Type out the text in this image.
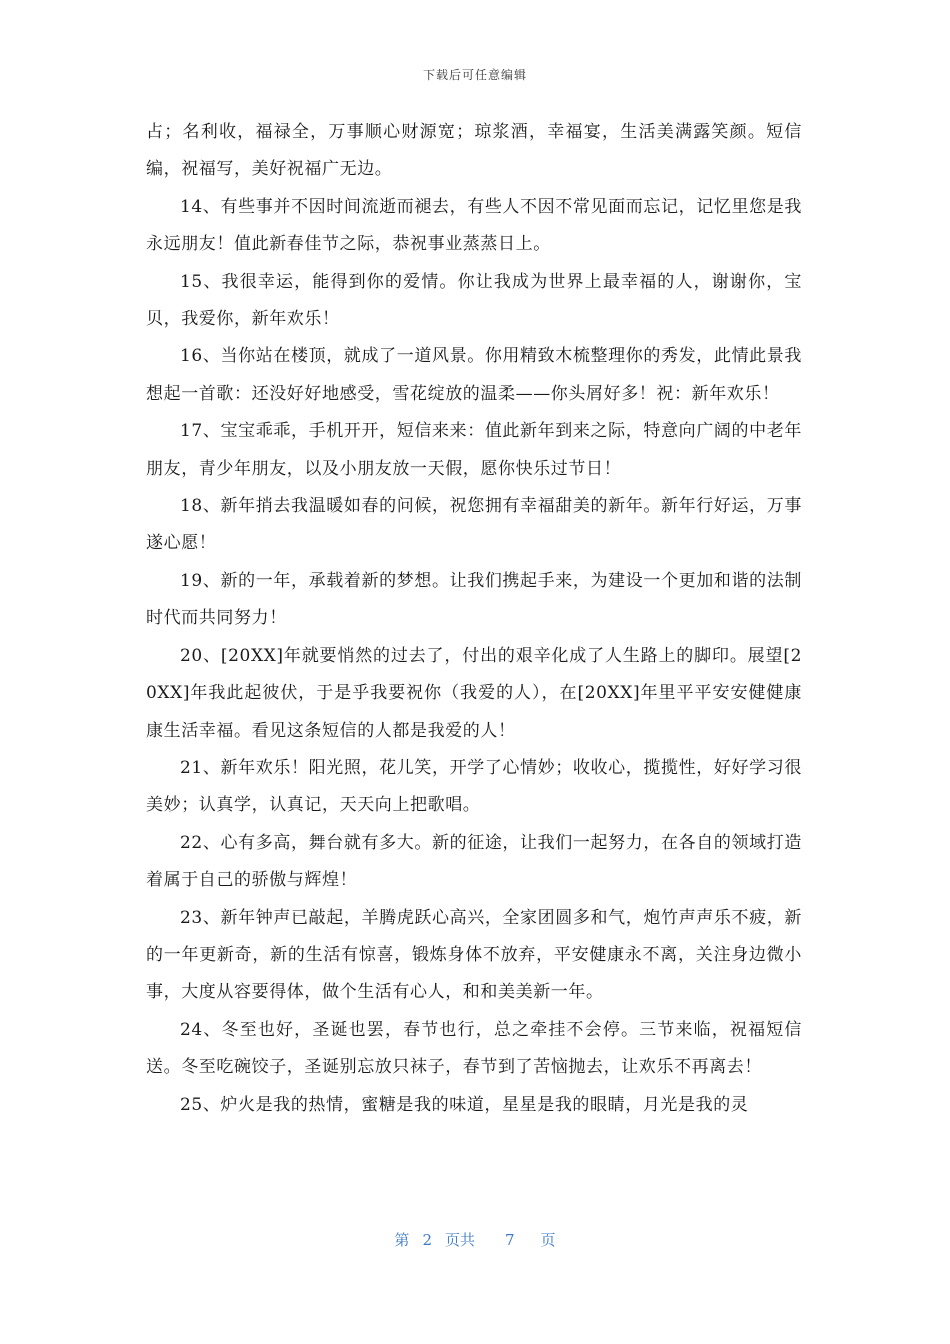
下载后可任意编辑

占；名利收，福禄全，万事顺心财源宽；琼浆酒，幸福宴，生活美满露笑颜。短信编，祝福写，美好祝福广无边。

14、有些事并不因时间流逝而褪去，有些人不因不常见面而忘记，记忆里您是我永远朋友！值此新春佳节之际，恭祝事业蒸蒸日上。

15、我很幸运，能得到你的爱情。你让我成为世界上最幸福的人，谢谢你，宝贝，我爱你，新年欢乐！

16、当你站在楼顶，就成了一道风景。你用精致木梳整理你的秀发，此情此景我想起一首歌：还没好好地感受，雪花绽放的温柔——你头屑好多！祝：新年欢乐！

17、宝宝乖乖，手机开开，短信来来：值此新年到来之际，特意向广阔的中老年朋友，青少年朋友，以及小朋友放一天假，愿你快乐过节日！

18、新年捎去我温暖如春的问候，祝您拥有幸福甜美的新年。新年行好运，万事遂心愿！

19、新的一年，承载着新的梦想。让我们携起手来，为建设一个更加和谐的法制时代而共同努力！

20、[20XX]年就要悄然的过去了，付出的艰辛化成了人生路上的脚印。展望[20XX]年我此起彼伏，于是乎我要祝你（我爱的人），在[20XX]年里平平安安健健康康生活幸福。看见这条短信的人都是我爱的人！

21、新年欢乐！阳光照，花儿笑，开学了心情妙；收收心，揽揽性，好好学习很美妙；认真学，认真记，天天向上把歌唱。

22、心有多高，舞台就有多大。新的征途，让我们一起努力，在各自的领域打造着属于自己的骄傲与辉煌！

23、新年钟声已敲起，羊腾虎跃心高兴，全家团圆多和气，炮竹声声乐不疲，新的一年更新奇，新的生活有惊喜，锻炼身体不放弃，平安健康永不离，关注身边微小事，大度从容要得体，做个生活有心人，和和美美新一年。

24、冬至也好，圣诞也罢，春节也行，总之牵挂不会停。三节来临，祝福短信送。冬至吃碗饺子，圣诞别忘放只袜子，春节到了苦恼抛去，让欢乐不再离去！

25、炉火是我的热情，蜜糖是我的味道，星星是我的眼睛，月光是我的灵

第 2 页共 7 页
